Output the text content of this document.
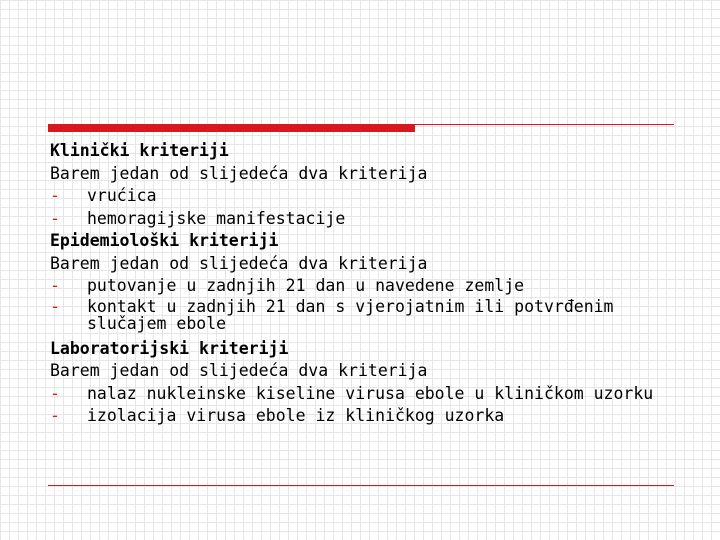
Klinički kriteriji
Barem jedan od slijedeća dva kriterija
- vrućica
- hemoragijske manifestacije
Epidemiološki kriteriji
Barem jedan od slijedeća dva kriterija
- putovanje u zadnjih 21 dan u navedene zemlje
- kontakt u zadnjih 21 dan s vjerojatnim ili potvrđenim
slučajem ebole
Laboratorijski kriteriji
Barem jedan od slijedeća dva kriterija
- nalaz nukleinske kiseline virusa ebole u kliničkom uzorku
- izolacija virusa ebole iz kliničkog uzorka
